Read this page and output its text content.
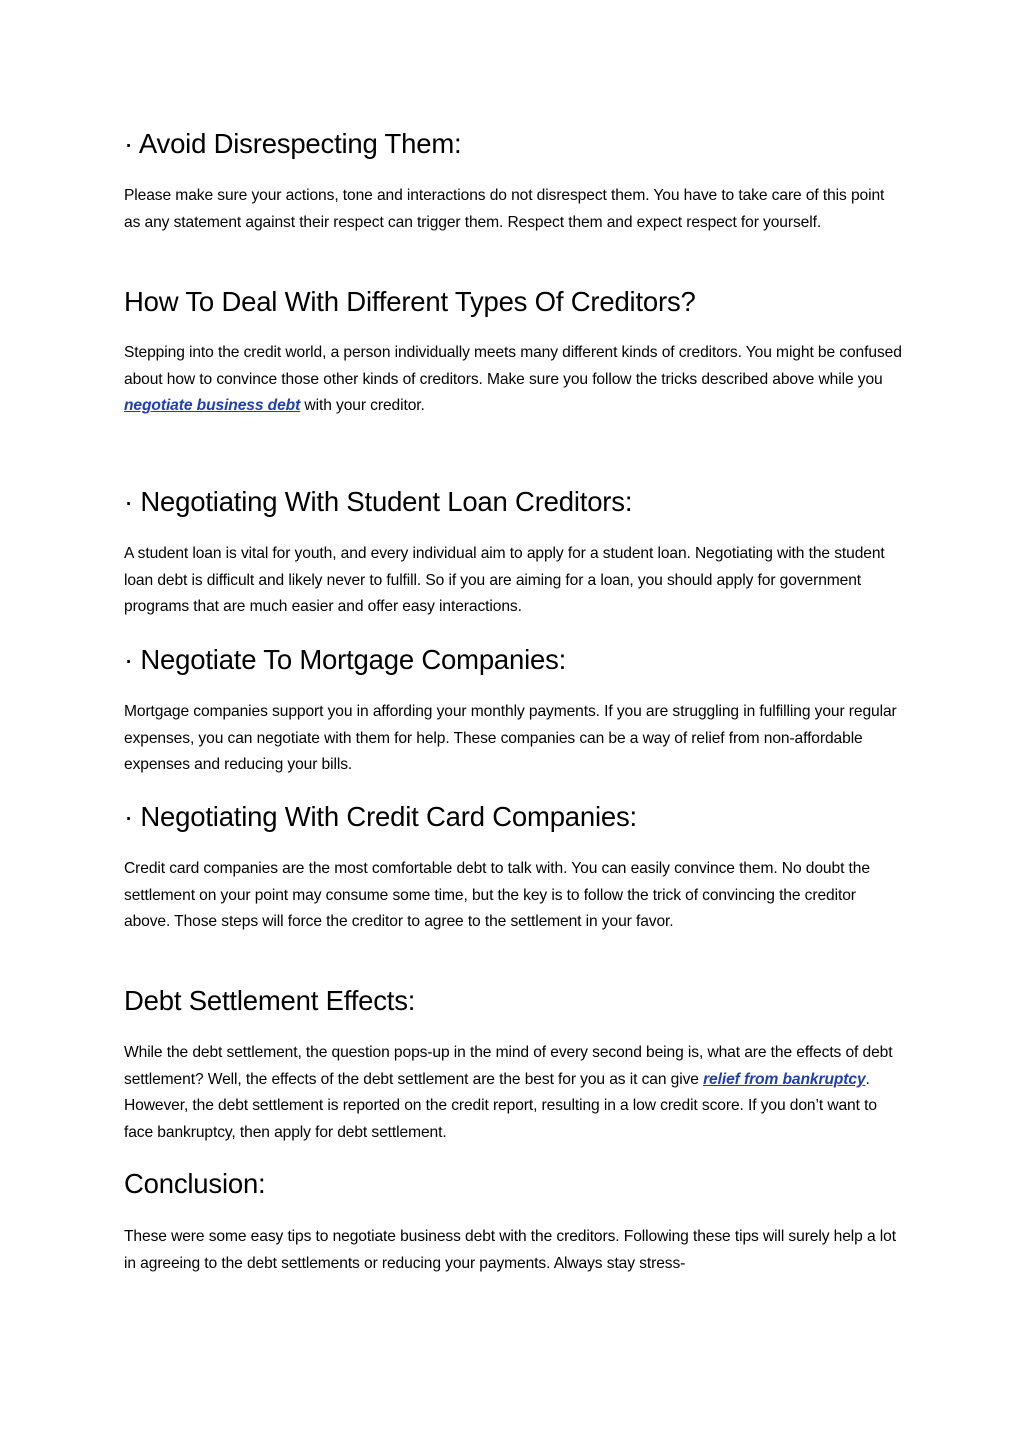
· Avoid Disrespecting Them:

Please make sure your actions, tone and interactions do not disrespect them. You have to take care of this point as any statement against their respect can trigger them. Respect them and expect respect for yourself.

How To Deal With Different Types Of Creditors?

Stepping into the credit world, a person individually meets many different kinds of creditors. You might be confused about how to convince those other kinds of creditors. Make sure you follow the tricks described above while you negotiate business debt with your creditor.

· Negotiating With Student Loan Creditors:

A student loan is vital for youth, and every individual aim to apply for a student loan. Negotiating with the student loan debt is difficult and likely never to fulfill. So if you are aiming for a loan, you should apply for government programs that are much easier and offer easy interactions.

· Negotiate To Mortgage Companies:

Mortgage companies support you in affording your monthly payments. If you are struggling in fulfilling your regular expenses, you can negotiate with them for help. These companies can be a way of relief from non-affordable expenses and reducing your bills.

· Negotiating With Credit Card Companies:

Credit card companies are the most comfortable debt to talk with. You can easily convince them. No doubt the settlement on your point may consume some time, but the key is to follow the trick of convincing the creditor above. Those steps will force the creditor to agree to the settlement in your favor.

Debt Settlement Effects:

While the debt settlement, the question pops-up in the mind of every second being is, what are the effects of debt settlement? Well, the effects of the debt settlement are the best for you as it can give relief from bankruptcy. However, the debt settlement is reported on the credit report, resulting in a low credit score. If you don’t want to face bankruptcy, then apply for debt settlement.

Conclusion:

These were some easy tips to negotiate business debt with the creditors. Following these tips will surely help a lot in agreeing to the debt settlements or reducing your payments. Always stay stress-
